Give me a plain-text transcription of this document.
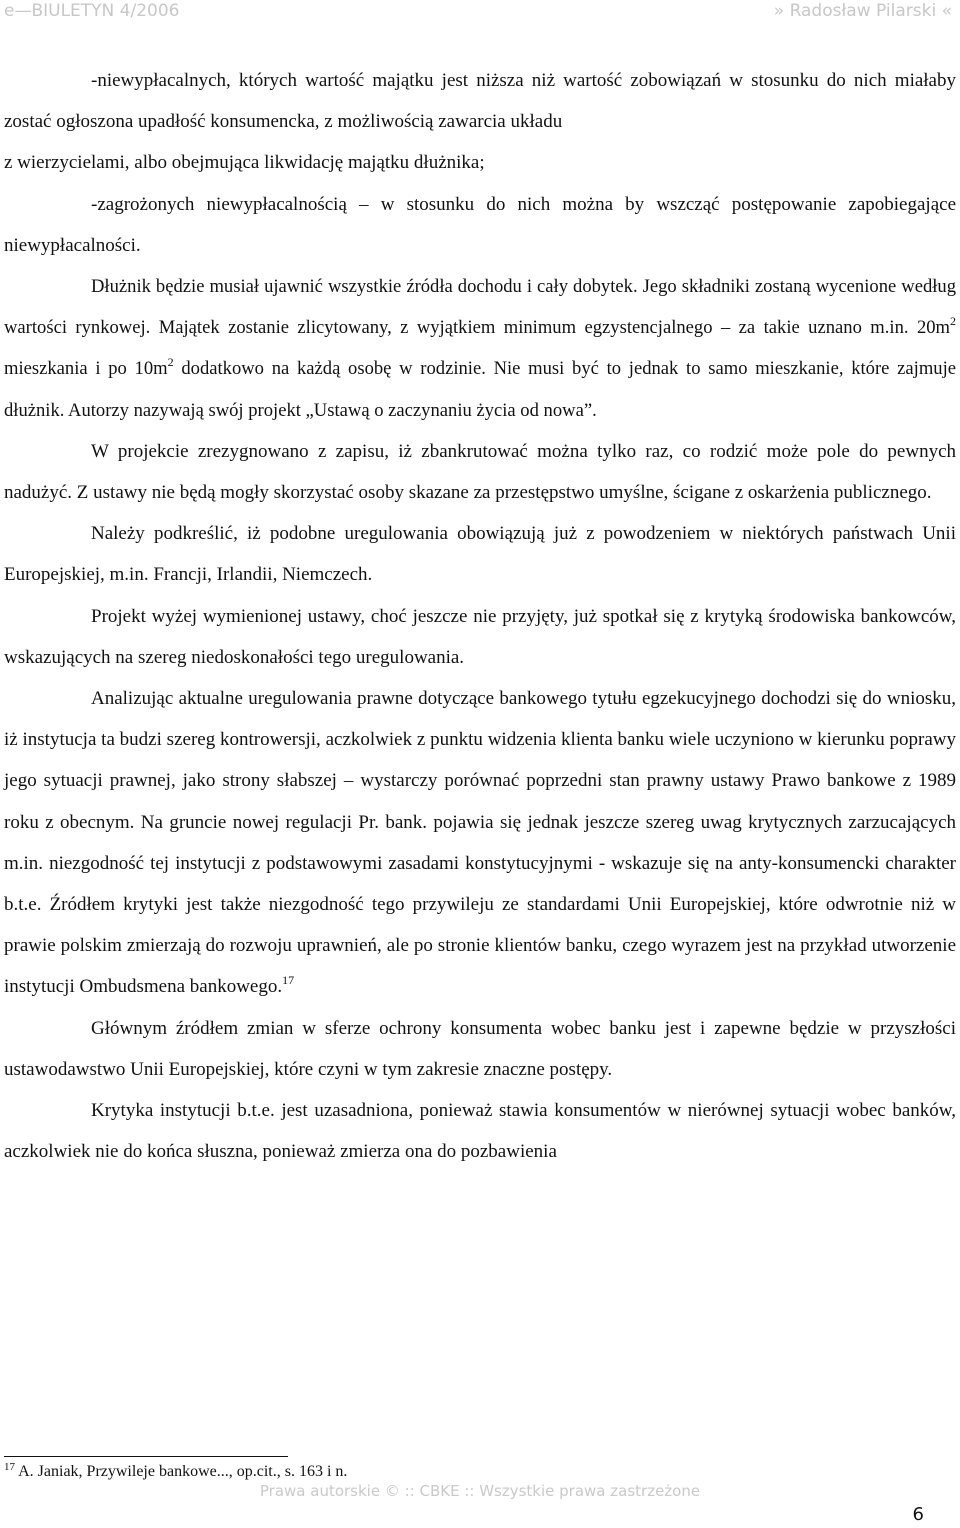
e—BIULETYN 4/2006	» Radosław Pilarski «

-niewypłacalnych, których wartość majątku jest niższa niż wartość zobowiązań w stosunku do nich miałaby zostać ogłoszona upadłość konsumencka, z możliwością zawarcia układu

z wierzycielami, albo obejmująca likwidację majątku dłużnika;

-zagrożonych niewypłacalnością – w stosunku do nich można by wszcząć postępowanie zapobiegające niewypłacalności.

Dłużnik będzie musiał ujawnić wszystkie źródła dochodu i cały dobytek. Jego składniki zostaną wycenione według wartości rynkowej. Majątek zostanie zlicytowany, z wyjątkiem minimum egzystencjalnego – za takie uznano m.in. $20m^2$ mieszkania i po $10m^2$ dodatkowo na każdą osobę w rodzinie. Nie musi być to jednak to samo mieszkanie, które zajmuje dłużnik. Autorzy nazywają swój projekt „Ustawą o zaczynaniu życia od nowa”.

W projekcie zrezygnowano z zapisu, iż zbankrutować można tylko raz, co rodzić może pole do pewnych nadużyć. Z ustawy nie będą mogły skorzystać osoby skazane za przestępstwo umyślne, ścigane z oskarżenia publicznego.

Należy podkreślić, iż podobne uregulowania obowiązują już z powodzeniem w niektórych państwach Unii Europejskiej, m.in. Francji, Irlandii, Niemczech.

Projekt wyżej wymienionej ustawy, choć jeszcze nie przyjęty, już spotkał się z krytyką środowiska bankowców, wskazujących na szereg niedoskonałości tego uregulowania.

Analizując aktualne uregulowania prawne dotyczące bankowego tytułu egzekucyjnego dochodzi się do wniosku, iż instytucja ta budzi szereg kontrowersji, aczkolwiek z punktu widzenia klienta banku wiele uczyniono w kierunku poprawy jego sytuacji prawnej, jako strony słabszej – wystarczy porównać poprzedni stan prawny ustawy Prawo bankowe z 1989 roku z obecnym. Na gruncie nowej regulacji Pr. bank. pojawia się jednak jeszcze szereg uwag krytycznych zarzucających m.in. niezgodność tej instytucji z podstawowymi zasadami konstytucyjnymi - wskazuje się na anty-konsumencki charakter b.t.e. Źródłem krytyki jest także niezgodność tego przywileju ze standardami Unii Europejskiej, które odwrotnie niż w prawie polskim zmierzają do rozwoju uprawnień, ale po stronie klientów banku, czego wyrazem jest na przykład utworzenie instytucji Ombudsmena bankowego.$^{17}$

Głównym źródłem zmian w sferze ochrony konsumenta wobec banku jest i zapewne będzie w przyszłości ustawodawstwo Unii Europejskiej, które czyni w tym zakresie znaczne postępy.

Krytyka instytucji b.t.e. jest uzasadniona, ponieważ stawia konsumentów w nierównej sytuacji wobec banków, aczkolwiek nie do końca słuszna, ponieważ zmierza ona do pozbawienia

$^{17}$ A. Janiak, Przywileje bankowe..., op.cit., s. 163 i n.
Prawa autorskie © :: CBKE :: Wszystkie prawa zastrzeżone
6
